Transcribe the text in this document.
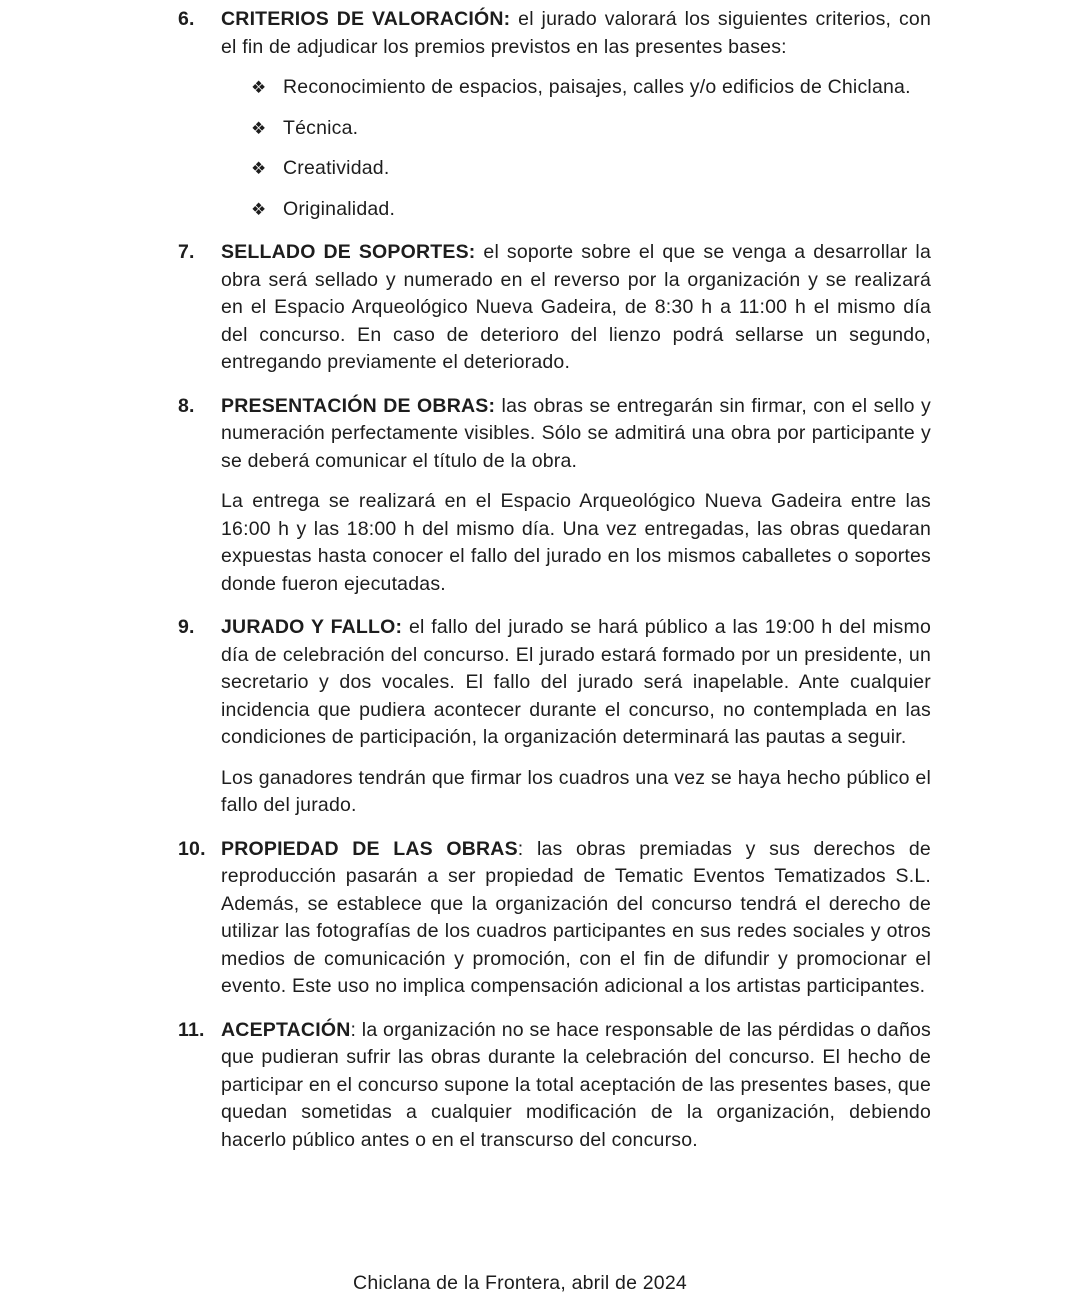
6. CRITERIOS DE VALORACIÓN: el jurado valorará los siguientes criterios, con el fin de adjudicar los premios previstos en las presentes bases:

❖ Reconocimiento de espacios, paisajes, calles y/o edificios de Chiclana.
❖ Técnica.
❖ Creatividad.
❖ Originalidad.
7. SELLADO DE SOPORTES: el soporte sobre el que se venga a desarrollar la obra será sellado y numerado en el reverso por la organización y se realizará en el Espacio Arqueológico Nueva Gadeira, de 8:30 h a 11:00 h el mismo día del concurso. En caso de deterioro del lienzo podrá sellarse un segundo, entregando previamente el deteriorado.

8. PRESENTACIÓN DE OBRAS: las obras se entregarán sin firmar, con el sello y numeración perfectamente visibles. Sólo se admitirá una obra por participante y se deberá comunicar el título de la obra.

La entrega se realizará en el Espacio Arqueológico Nueva Gadeira entre las 16:00 h y las 18:00 h del mismo día. Una vez entregadas, las obras quedaran expuestas hasta conocer el fallo del jurado en los mismos caballetes o soportes donde fueron ejecutadas.

9. JURADO Y FALLO: el fallo del jurado se hará público a las 19:00 h del mismo día de celebración del concurso. El jurado estará formado por un presidente, un secretario y dos vocales. El fallo del jurado será inapelable. Ante cualquier incidencia que pudiera acontecer durante el concurso, no contemplada en las condiciones de participación, la organización determinará las pautas a seguir.

Los ganadores tendrán que firmar los cuadros una vez se haya hecho público el fallo del jurado.

10. PROPIEDAD DE LAS OBRAS: las obras premiadas y sus derechos de reproducción pasarán a ser propiedad de Tematic Eventos Tematizados S.L. Además, se establece que la organización del concurso tendrá el derecho de utilizar las fotografías de los cuadros participantes en sus redes sociales y otros medios de comunicación y promoción, con el fin de difundir y promocionar el evento. Este uso no implica compensación adicional a los artistas participantes.

11. ACEPTACIÓN: la organización no se hace responsable de las pérdidas o daños que pudieran sufrir las obras durante la celebración del concurso. El hecho de participar en el concurso supone la total aceptación de las presentes bases, que quedan sometidas a cualquier modificación de la organización, debiendo hacerlo público antes o en el transcurso del concurso.

Chiclana de la Frontera, abril de 2024
